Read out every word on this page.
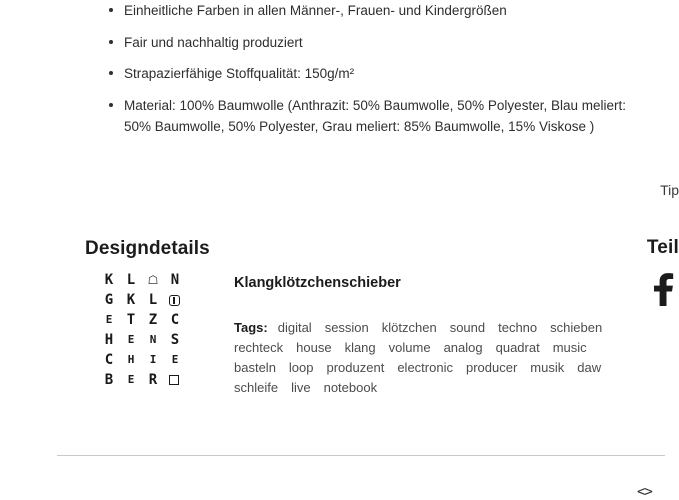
Einheitliche Farben in allen Männer-, Frauen- und Kindergrößen
Fair und nachhaltig produziert
Strapazierfähige Stoffqualität: 150g/m²
Material: 100% Baumwolle (Anthrazit: 50% Baumwolle, 50% Polyester, Blau meliert: 50% Baumwolle, 50% Polyester, Grau meliert: 85% Baumwolle, 15% Viskose )
Tip
Teil
Designdetails
K L ☖ N
G K L
E T Z C
H E N S
C H I E
B E R
Klangklötzchenschieber
Tags: digital session klötzchen sound techno schieben
rechteck house klang volume analog quadrat music
basteln loop produzent electronic producer musik daw
schleife live notebook
<>
